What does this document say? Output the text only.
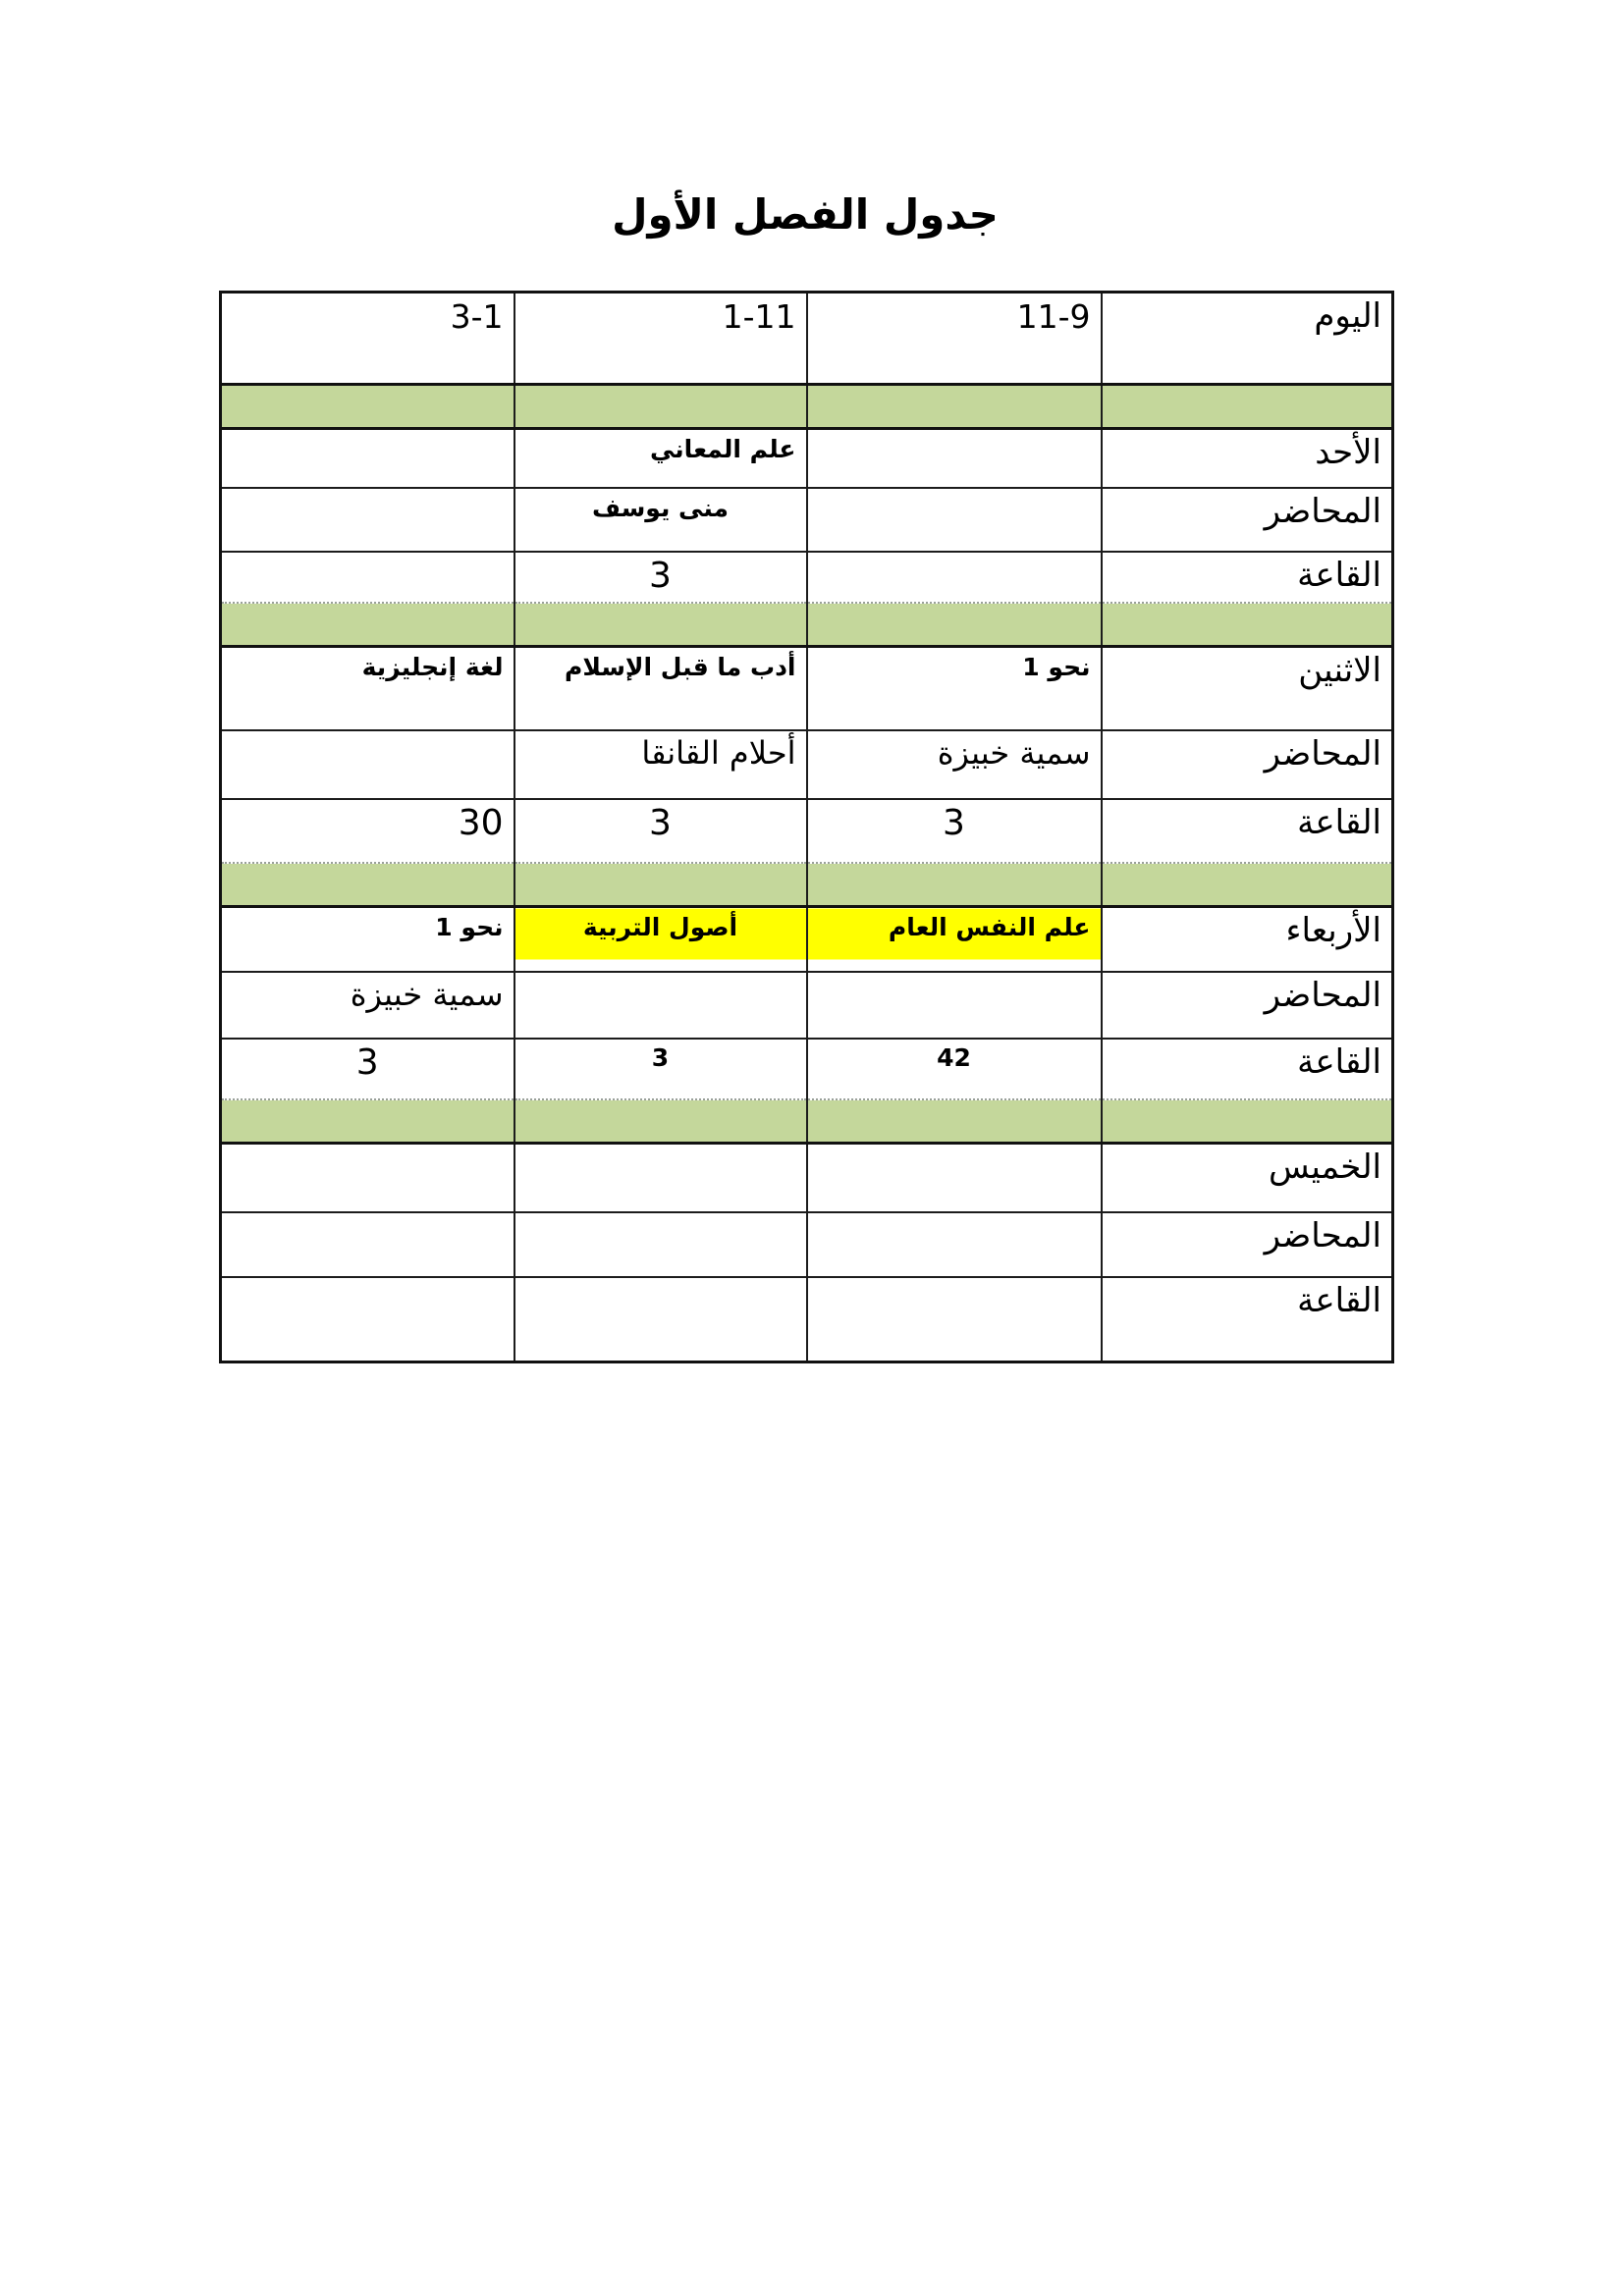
جدول الفصل الأول
اليوم	11-9	1-11	3-1

الأحد		علم المعاني	
المحاضر		منى يوسف	
القاعة		3	

الاثنين	نحو 1	أدب ما قبل الإسلام	لغة إنجليزية
المحاضر	سمية خبيزة	أحلام القانقا	
القاعة	3	3	30

الأربعاء	علم النفس العام	أصول التربية	نحو 1
المحاضر			سمية خبيزة
القاعة	42	3	3

الخميس			
المحاضر			
القاعة			
